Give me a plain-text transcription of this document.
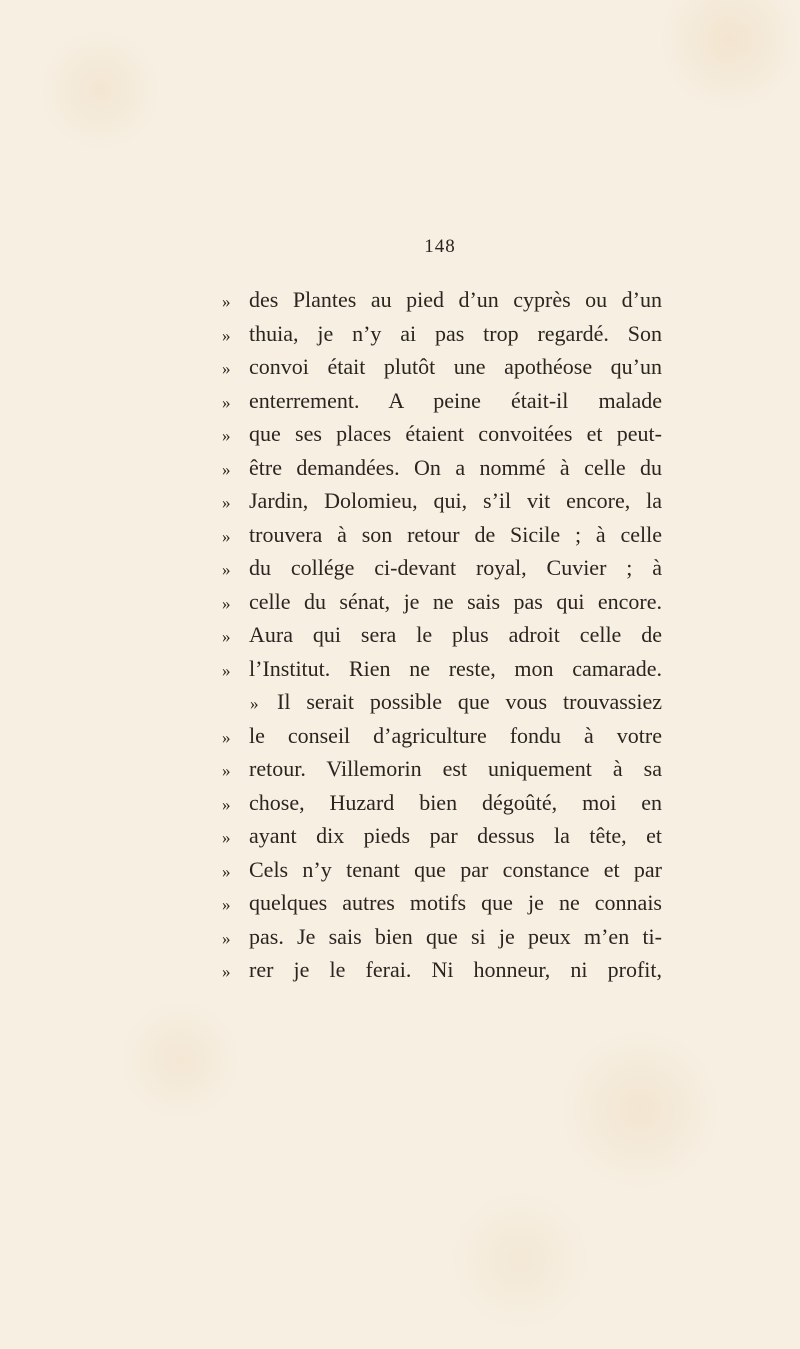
148
» des Plantes au pied d’un cyprès ou d’un
» thuia, je n’y ai pas trop regardé. Son
» convoi était plutôt une apothéose qu’un
» enterrement. A peine était-il malade
» que ses places étaient convoitées et peut-
» être demandées. On a nommé à celle du
» Jardin, Dolomieu, qui, s’il vit encore, la
» trouvera à son retour de Sicile ; à celle
» du collége ci-devant royal, Cuvier ; à
» celle du sénat, je ne sais pas qui encore.
» Aura qui sera le plus adroit celle de
» l’Institut. Rien ne reste, mon camarade.
» Il serait possible que vous trouvassiez
» le conseil d’agriculture fondu à votre
» retour. Villemorin est uniquement à sa
» chose, Huzard bien dégoûté, moi en
» ayant dix pieds par dessus la tête, et
» Cels n’y tenant que par constance et par
» quelques autres motifs que je ne connais
» pas. Je sais bien que si je peux m’en ti-
» rer je le ferai. Ni honneur, ni profit,
